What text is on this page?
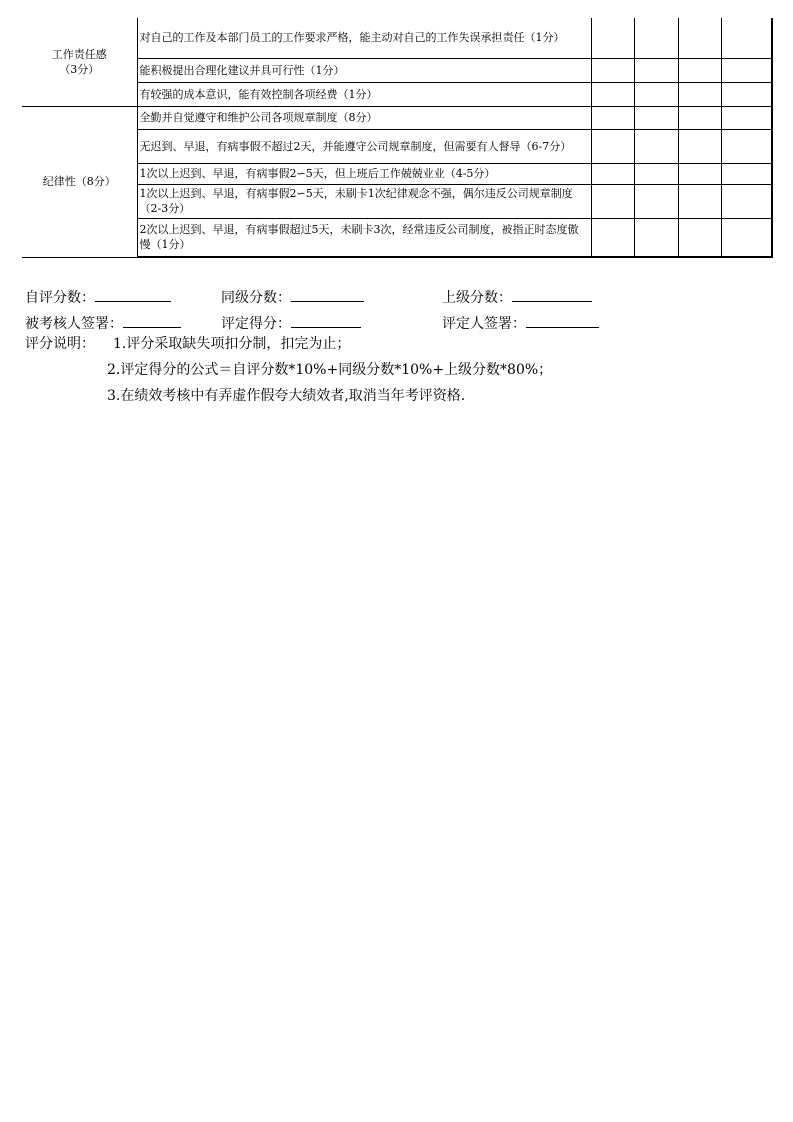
工作责任感
（3分）	对自己的工作及本部门员工的工作要求严格，能主动对自己的工作失误承担责任（1分）				
	能积极提出合理化建议并具可行性（1分）				
	有较强的成本意识，能有效控制各项经费（1分）				
纪律性（8分）	全勤并自觉遵守和维护公司各项规章制度（8分）				
	无迟到、早退，有病事假不超过2天，并能遵守公司规章制度，但需要有人督导（6-7分）				
	1次以上迟到、早退，有病事假2∽5天，但上班后工作兢兢业业（4-5分）				
	1次以上迟到、早退，有病事假2∽5天，未刷卡1次纪律观念不强，偶尔违反公司规章制度（2-3分）				
	2次以上迟到、早退，有病事假超过5天，未刷卡3次，经常违反公司制度，被指正时态度傲慢（1分）				
自评分数：	同级分数：	上级分数：
被考核人签署：	评定得分：	评定人签署：
评分说明： 1.评分采取缺失项扣分制，扣完为止；
2.评定得分的公式＝自评分数*10%+同级分数*10%+上级分数*80%；
3.在绩效考核中有弄虚作假夸大绩效者,取消当年考评资格.
